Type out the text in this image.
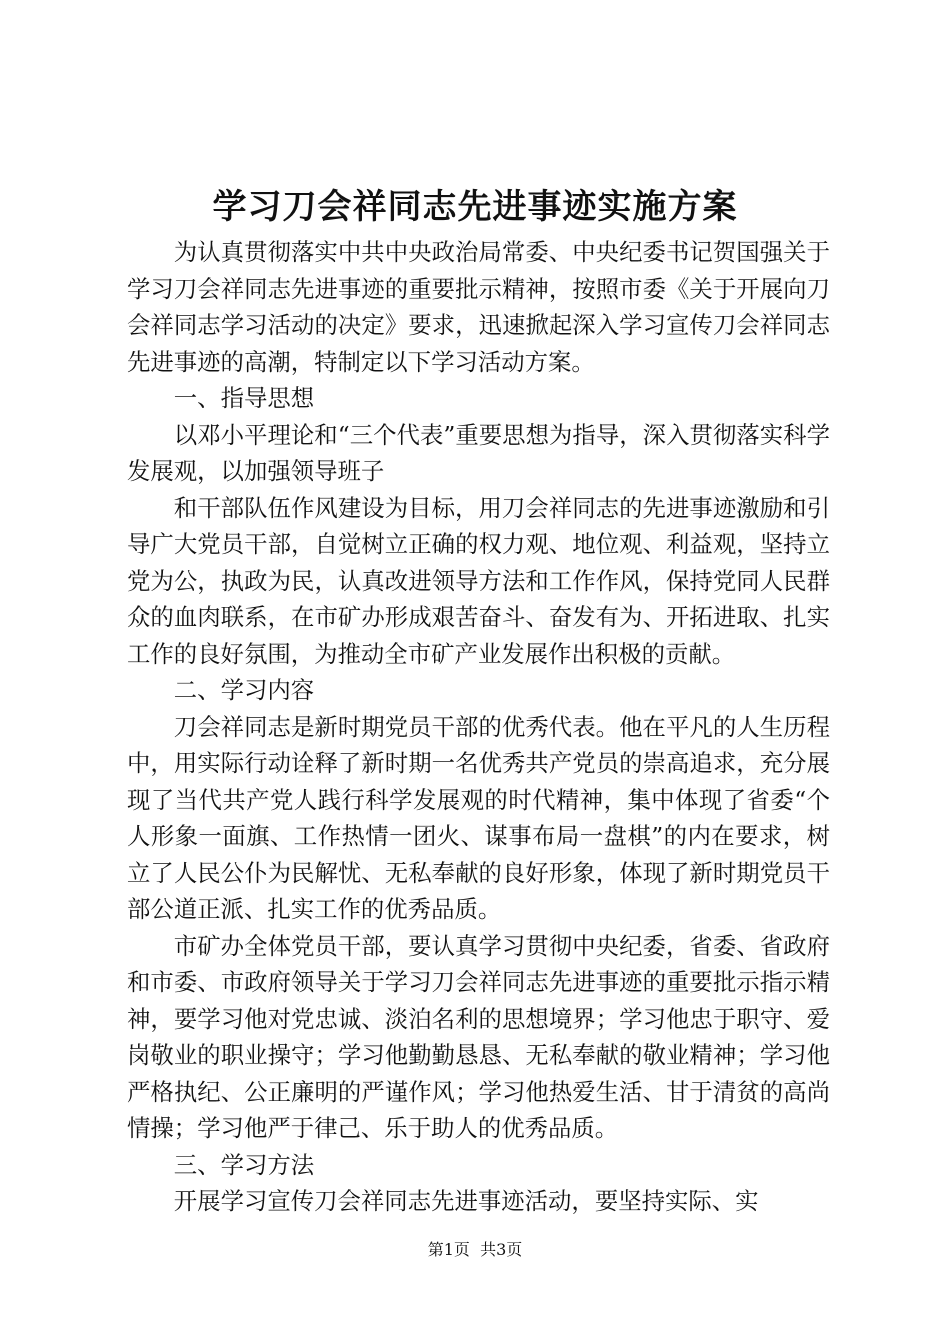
学习刀会祥同志先进事迹实施方案

为认真贯彻落实中共中央政治局常委、中央纪委书记贺国强关于学习刀会祥同志先进事迹的重要批示精神，按照市委《关于开展向刀会祥同志学习活动的决定》要求，迅速掀起深入学习宣传刀会祥同志先进事迹的高潮，特制定以下学习活动方案。

一、指导思想

以邓小平理论和“三个代表”重要思想为指导，深入贯彻落实科学发展观，以加强领导班子

和干部队伍作风建设为目标，用刀会祥同志的先进事迹激励和引导广大党员干部，自觉树立正确的权力观、地位观、利益观，坚持立党为公，执政为民，认真改进领导方法和工作作风，保持党同人民群众的血肉联系，在市矿办形成艰苦奋斗、奋发有为、开拓进取、扎实工作的良好氛围，为推动全市矿产业发展作出积极的贡献。

二、学习内容

刀会祥同志是新时期党员干部的优秀代表。他在平凡的人生历程中，用实际行动诠释了新时期一名优秀共产党员的崇高追求，充分展现了当代共产党人践行科学发展观的时代精神，集中体现了省委“个人形象一面旗、工作热情一团火、谋事布局一盘棋”的内在要求，树立了人民公仆为民解忧、无私奉献的良好形象，体现了新时期党员干部公道正派、扎实工作的优秀品质。

市矿办全体党员干部，要认真学习贯彻中央纪委，省委、省政府和市委、市政府领导关于学习刀会祥同志先进事迹的重要批示指示精神，要学习他对党忠诚、淡泊名利的思想境界；学习他忠于职守、爱岗敬业的职业操守；学习他勤勤恳恳、无私奉献的敬业精神；学习他严格执纪、公正廉明的严谨作风；学习他热爱生活、甘于清贫的高尚情操；学习他严于律己、乐于助人的优秀品质。

三、学习方法

开展学习宣传刀会祥同志先进事迹活动，要坚持实际、实

第1页 共3页
